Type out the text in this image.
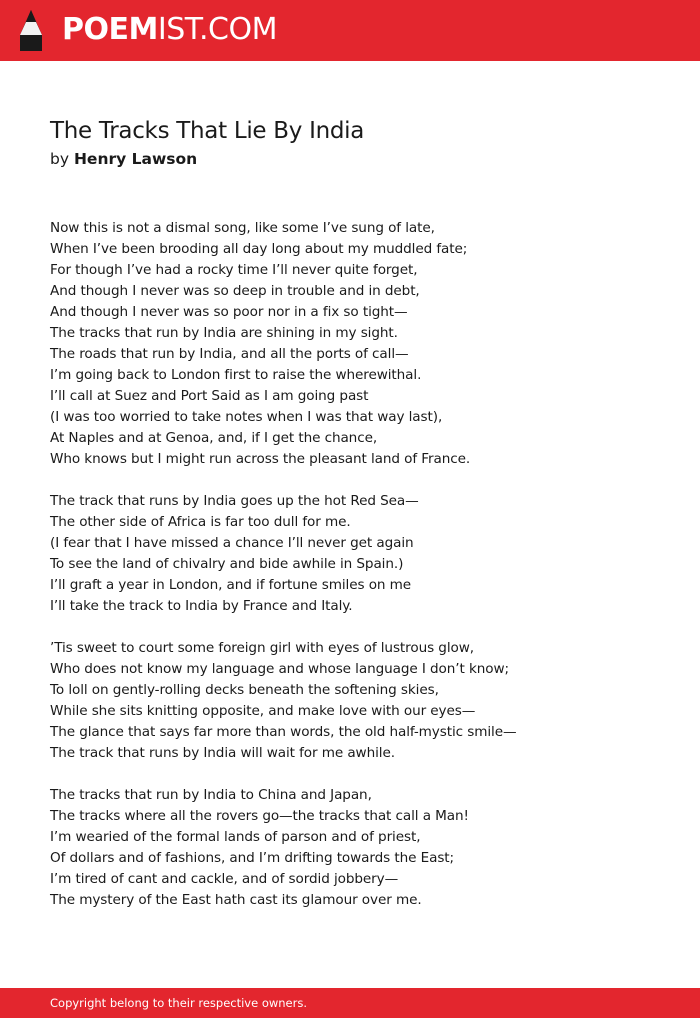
POEMIST.COM
The Tracks That Lie By India
by Henry Lawson
Now this is not a dismal song, like some I’ve sung of late,
When I’ve been brooding all day long about my muddled fate;
For though I’ve had a rocky time I’ll never quite forget,
And though I never was so deep in trouble and in debt,
And though I never was so poor nor in a fix so tight—
The tracks that run by India are shining in my sight.
The roads that run by India, and all the ports of call—
I’m going back to London first to raise the wherewithal.
I’ll call at Suez and Port Said as I am going past
(I was too worried to take notes when I was that way last),
At Naples and at Genoa, and, if I get the chance,
Who knows but I might run across the pleasant land of France.
The track that runs by India goes up the hot Red Sea—
The other side of Africa is far too dull for me.
(I fear that I have missed a chance I’ll never get again
To see the land of chivalry and bide awhile in Spain.)
I’ll graft a year in London, and if fortune smiles on me
I’ll take the track to India by France and Italy.
’Tis sweet to court some foreign girl with eyes of lustrous glow,
Who does not know my language and whose language I don’t know;
To loll on gently-rolling decks beneath the softening skies,
While she sits knitting opposite, and make love with our eyes—
The glance that says far more than words, the old half-mystic smile—
The track that runs by India will wait for me awhile.
The tracks that run by India to China and Japan,
The tracks where all the rovers go—the tracks that call a Man!
I’m wearied of the formal lands of parson and of priest,
Of dollars and of fashions, and I’m drifting towards the East;
I’m tired of cant and cackle, and of sordid jobbery—
The mystery of the East hath cast its glamour over me.
Copyright belong to their respective owners.
